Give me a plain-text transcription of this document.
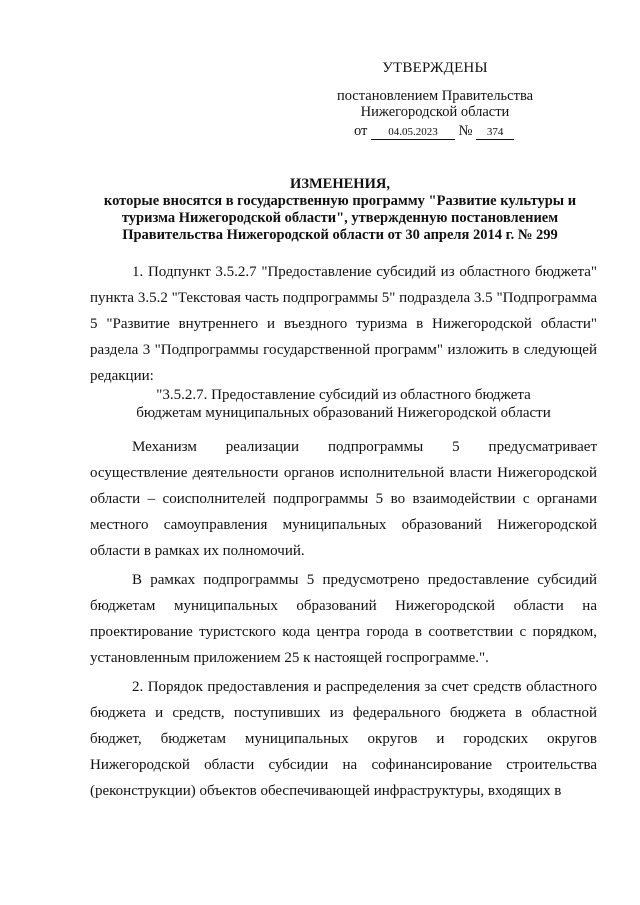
УТВЕРЖДЕНЫ
постановлением Правительства
Нижегородской области
от 04.05.2023 № 374
ИЗМЕНЕНИЯ,
которые вносятся в государственную программу "Развитие культуры и
туризма Нижегородской области", утвержденную постановлением
Правительства Нижегородской области от 30 апреля 2014 г. № 299

1. Подпункт 3.5.2.7 "Предоставление субсидий из областного бюджета" пункта 3.5.2 "Текстовая часть подпрограммы 5" подраздела 3.5 "Подпрограмма 5 "Развитие внутреннего и въездного туризма в Нижегородской области" раздела 3 "Подпрограммы государственной программ" изложить в следующей редакции:

"3.5.2.7. Предоставление субсидий из областного бюджета
бюджетам муниципальных образований Нижегородской области

Механизм реализации подпрограммы 5 предусматривает осуществление деятельности органов исполнительной власти Нижегородской области – соисполнителей подпрограммы 5 во взаимодействии с органами местного самоуправления муниципальных образований Нижегородской области в рамках их полномочий.

В рамках подпрограммы 5 предусмотрено предоставление субсидий бюджетам муниципальных образований Нижегородской области на проектирование туристского кода центра города в соответствии с порядком, установленным приложением 25 к настоящей госпрограмме.".

2. Порядок предоставления и распределения за счет средств областного бюджета и средств, поступивших из федерального бюджета в областной бюджет, бюджетам муниципальных округов и городских округов Нижегородской области субсидии на софинансирование строительства (реконструкции) объектов обеспечивающей инфраструктуры, входящих в
